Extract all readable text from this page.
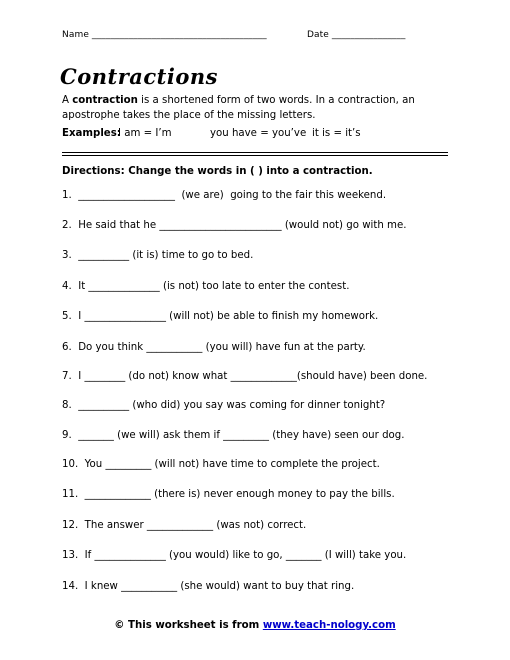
Name ______________________________________	Date ________________
Contractions
A contraction is a shortened form of two words. In a contraction, an apostrophe takes the place of the missing letters.
Examples:
I am = I’m	you have = you’ve it is = it’s
Directions: Change the words in ( ) into a contraction.
1.  ___________________  (we are)  going to the fair this weekend.
2.  He said that he ________________________ (would not) go with me.
3.  __________ (it is) time to go to bed.
4.  It ______________ (is not) too late to enter the contest.
5.  I ________________ (will not) be able to finish my homework.
6.  Do you think ___________ (you will) have fun at the party.
7.  I ________ (do not) know what _____________(should have) been done.
8.  __________ (who did) you say was coming for dinner tonight?
9.  _______ (we will) ask them if _________ (they have) seen our dog.
10.  You _________ (will not) have time to complete the project.
11.  _____________ (there is) never enough money to pay the bills.
12.  The answer _____________ (was not) correct.
13.  If ______________ (you would) like to go, _______ (I will) take you.
14.  I knew ___________ (she would) want to buy that ring.
© This worksheet is from www.teach-nology.com
